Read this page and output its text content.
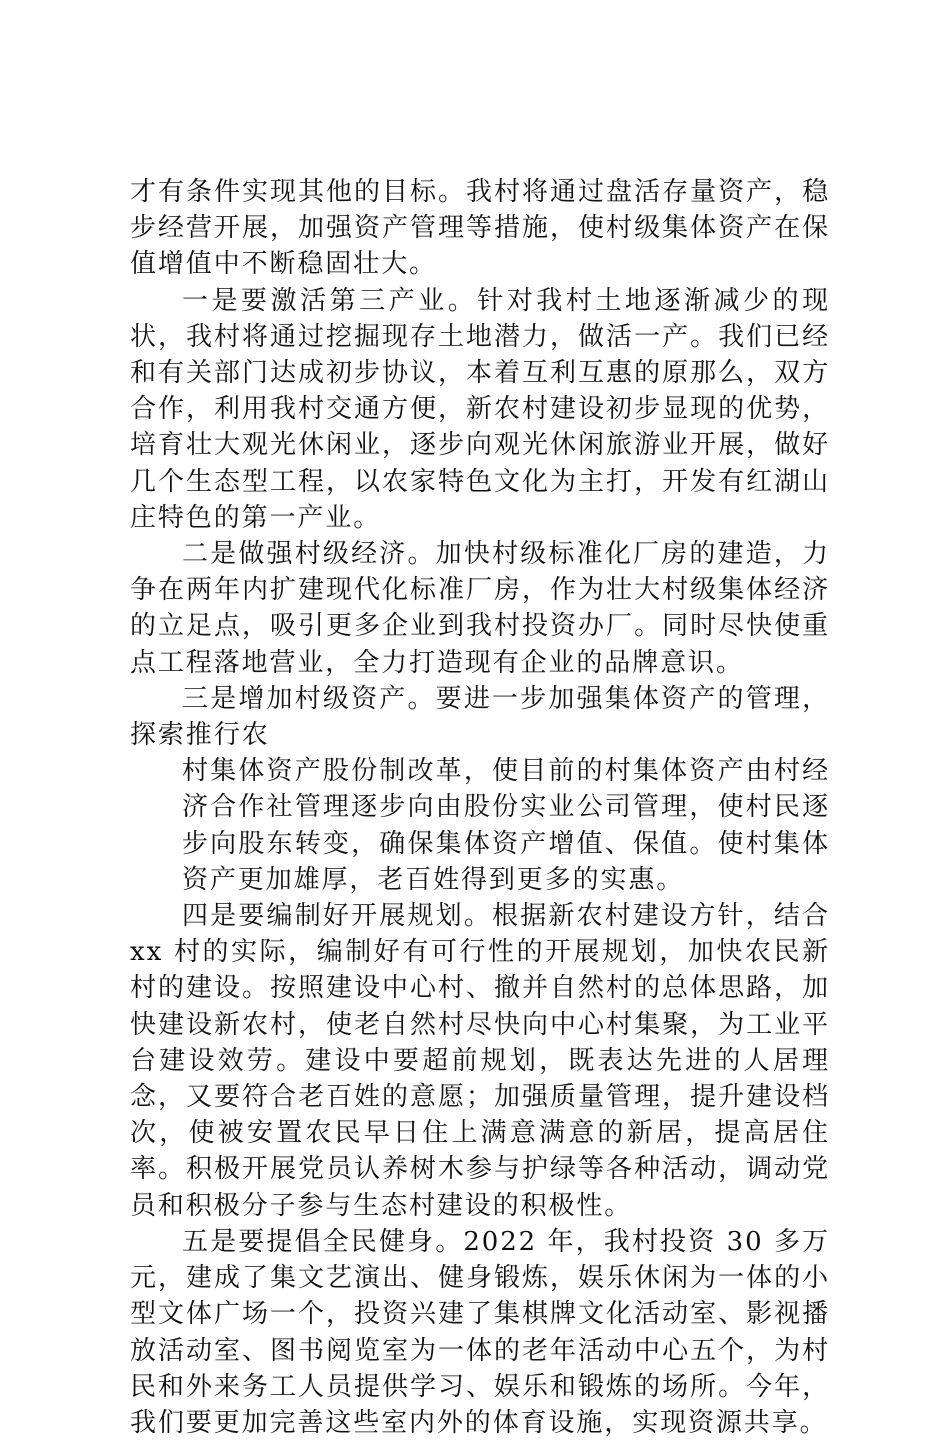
才有条件实现其他的目标。我村将通过盘活存量资产，稳步经营开展，加强资产管理等措施，使村级集体资产在保值增值中不断稳固壮大。

一是要激活第三产业。针对我村土地逐渐减少的现状，我村将通过挖掘现存土地潜力，做活一产。我们已经和有关部门达成初步协议，本着互利互惠的原那么，双方合作，利用我村交通方便，新农村建设初步显现的优势，培育壮大观光休闲业，逐步向观光休闲旅游业开展，做好几个生态型工程，以农家特色文化为主打，开发有红湖山庄特色的第一产业。

二是做强村级经济。加快村级标准化厂房的建造，力争在两年内扩建现代化标准厂房，作为壮大村级集体经济的立足点，吸引更多企业到我村投资办厂。同时尽快使重点工程落地营业，全力打造现有企业的品牌意识。

三是增加村级资产。要进一步加强集体资产的管理，探索推行农

村集体资产股份制改革，使目前的村集体资产由村经济合作社管理逐步向由股份实业公司管理，使村民逐步向股东转变，确保集体资产增值、保值。使村集体资产更加雄厚，老百姓得到更多的实惠。

四是要编制好开展规划。根据新农村建设方针，结合 xx 村的实际，编制好有可行性的开展规划，加快农民新村的建设。按照建设中心村、撤并自然村的总体思路，加快建设新农村，使老自然村尽快向中心村集聚，为工业平台建设效劳。建设中要超前规划，既表达先进的人居理念，又要符合老百姓的意愿；加强质量管理，提升建设档次，使被安置农民早日住上满意满意的新居，提高居住率。积极开展党员认养树木参与护绿等各种活动，调动党员和积极分子参与生态村建设的积极性。

五是要提倡全民健身。2022 年，我村投资 30 多万元，建成了集文艺演出、健身锻炼，娱乐休闲为一体的小型文体广场一个，投资兴建了集棋牌文化活动室、影视播放活动室、图书阅览室为一体的老年活动中心五个，为村民和外来务工人员提供学习、娱乐和锻炼的场所。今年，我们要更加完善这些室内外的体育设施，实现资源共享。
